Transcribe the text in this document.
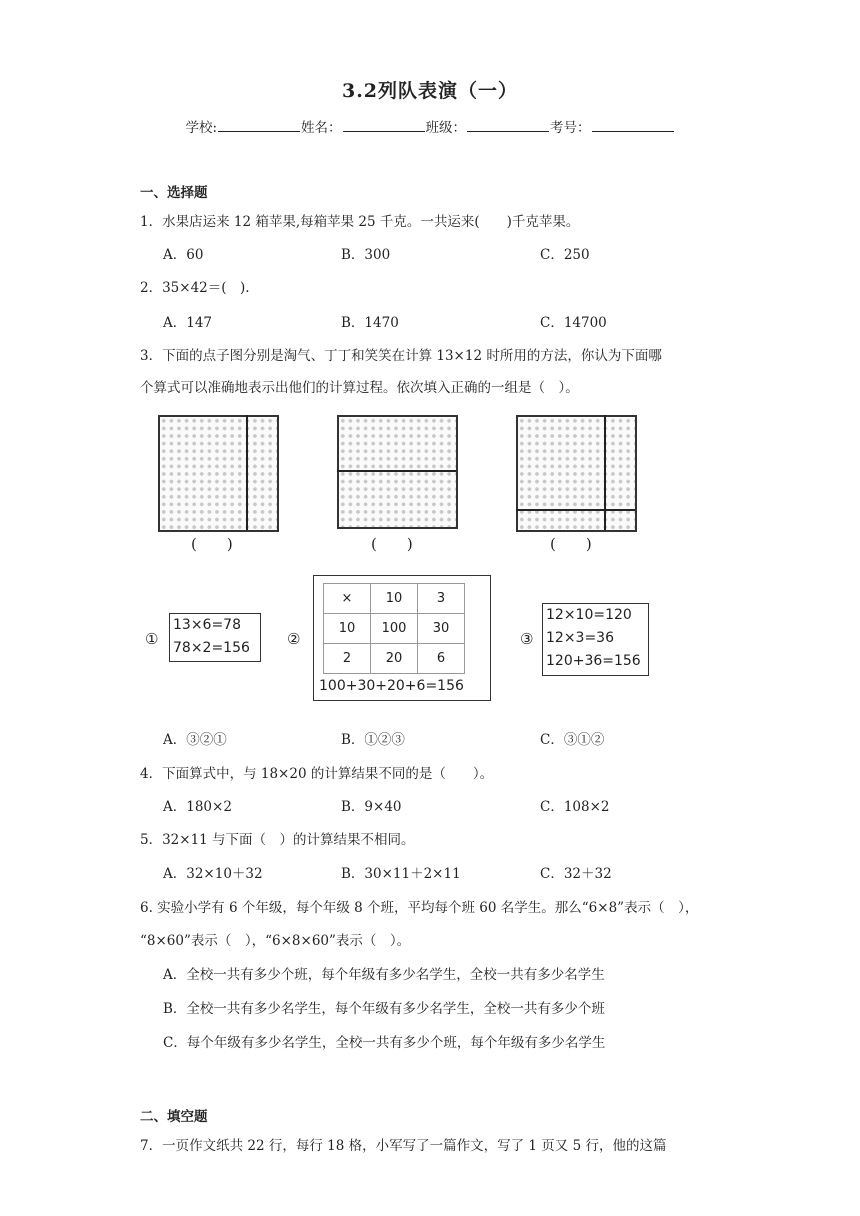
3.2列队表演（一）
学校:	姓名：	班级：	考号：
一、选择题
1．水果店运来 12 箱苹果,每箱苹果 25 千克。一共运来(　　)千克苹果。
A．60	B．300	C．250
2．35×42＝(　).
A．147	B．1470	C．14700
3．下面的点子图分别是淘气、丁丁和笑笑在计算 13×12 时所用的方法，你认为下面哪
个算式可以准确地表示出他们的计算过程。依次填入正确的一组是（　）。
(　　)	(　　)	(　　)
①
13×6=78
78×2=156	②
×	10	3
10	100	30
2	20	6
100+30+20+6=156
③
12×10=120
12×3=36
120+36=156
A．③②①	B．①②③	C．③①②
4．下面算式中，与 18×20 的计算结果不同的是（　　）。
A．180×2	B．9×40	C．108×2
5．32×11 与下面（　）的计算结果不相同。
A．32×10＋32	B．30×11＋2×11	C．32＋32
6. 实验小学有 6 个年级，每个年级 8 个班，平均每个班 60 名学生。那么“6×8”表示（　），
“8×60”表示（　），“6×8×60”表示（　）。
A．全校一共有多少个班，每个年级有多少名学生，全校一共有多少名学生
B．全校一共有多少名学生，每个年级有多少名学生，全校一共有多少个班
C．每个年级有多少名学生，全校一共有多少个班，每个年级有多少名学生
二、填空题
7．一页作文纸共 22 行，每行 18 格，小军写了一篇作文，写了 1 页又 5 行，他的这篇
